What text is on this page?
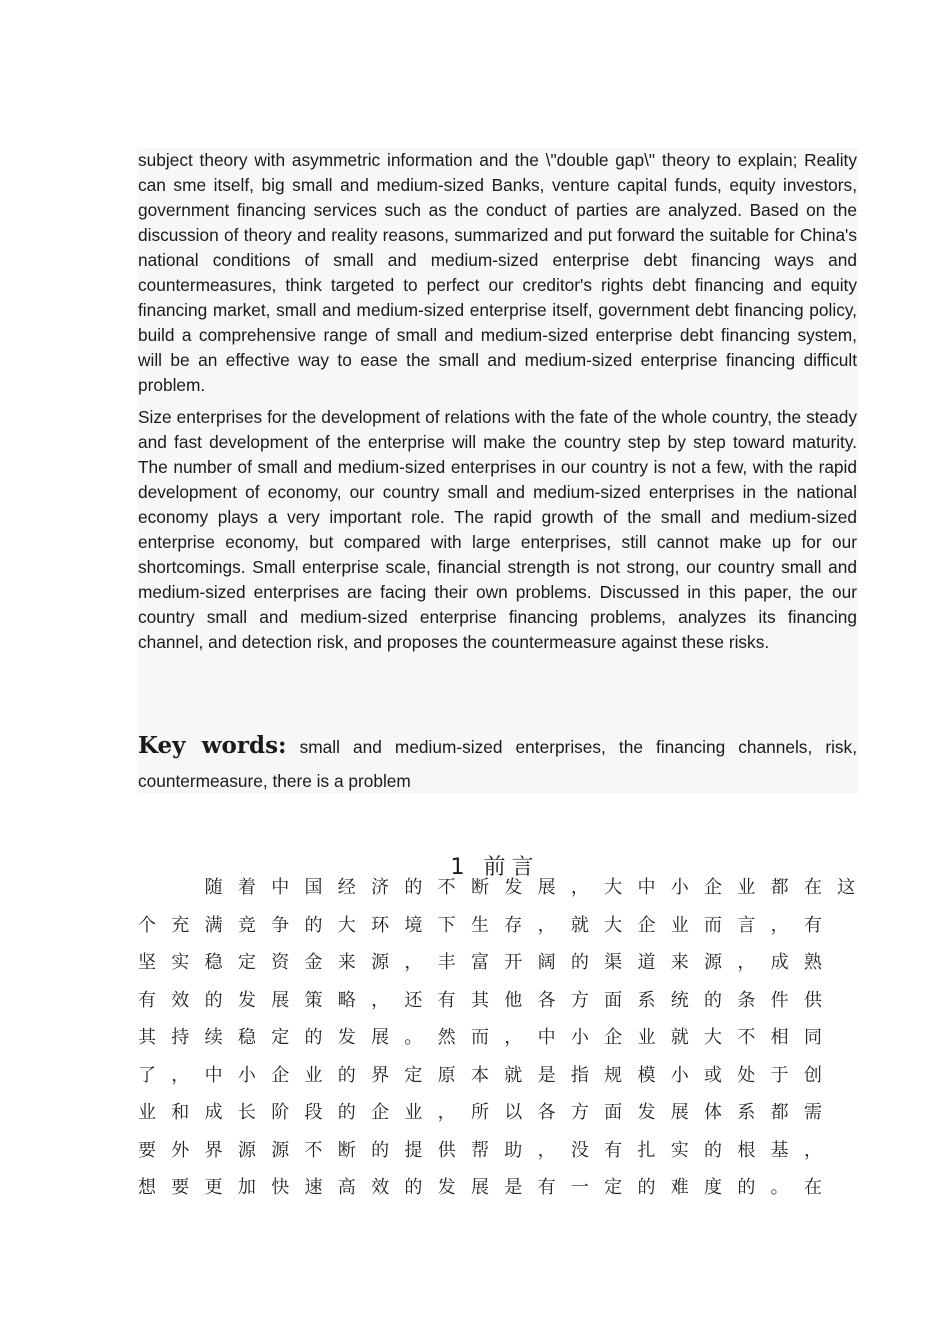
subject theory with asymmetric information and the \"double gap\" theory to explain; Reality can sme itself, big small and medium-sized Banks, venture capital funds, equity investors, government financing services such as the conduct of parties are analyzed. Based on the discussion of theory and reality reasons, summarized and put forward the suitable for China's national conditions of small and medium-sized enterprise debt financing ways and countermeasures, think targeted to perfect our creditor's rights debt financing and equity financing market, small and medium-sized enterprise itself, government debt financing policy, build a comprehensive range of small and medium-sized enterprise debt financing system, will be an effective way to ease the small and medium-sized enterprise financing difficult problem.

Size enterprises for the development of relations with the fate of the whole country, the steady and fast development of the enterprise will make the country step by step toward maturity. The number of small and medium-sized enterprises in our country is not a few, with the rapid development of economy, our country small and medium-sized enterprises in the national economy plays a very important role. The rapid growth of the small and medium-sized enterprise economy, but compared with large enterprises, still cannot make up for our shortcomings. Small enterprise scale, financial strength is not strong, our country small and medium-sized enterprises are facing their own problems. Discussed in this paper, the our country small and medium-sized enterprise financing problems, analyzes its financing channel, and detection risk, and proposes the countermeasure against these risks.

Key words: small and medium-sized enterprises, the financing channels, risk,
countermeasure, there is a problem
1 前言
　　随 着 中 国 经 济 的 不 断 发 展 ， 大 中 小 企 业 都 在 这
个 充 满 竞 争 的 大 环 境 下 生 存 ， 就 大 企 业 而 言 ， 有
坚 实 稳 定 资 金 来 源 ， 丰 富 开 阔 的 渠 道 来 源 ， 成 熟
有 效 的 发 展 策 略 ， 还 有 其 他 各 方 面 系 统 的 条 件 供
其 持 续 稳 定 的 发 展 。 然 而 ， 中 小 企 业 就 大 不 相 同
了 ， 中 小 企 业 的 界 定 原 本 就 是 指 规 模 小 或 处 于 创
业 和 成 长 阶 段 的 企 业 ， 所 以 各 方 面 发 展 体 系 都 需
要 外 界 源 源 不 断 的 提 供 帮 助 ， 没 有 扎 实 的 根 基 ，
想 要 更 加 快 速 高 效 的 发 展 是 有 一 定 的 难 度 的 。 在
